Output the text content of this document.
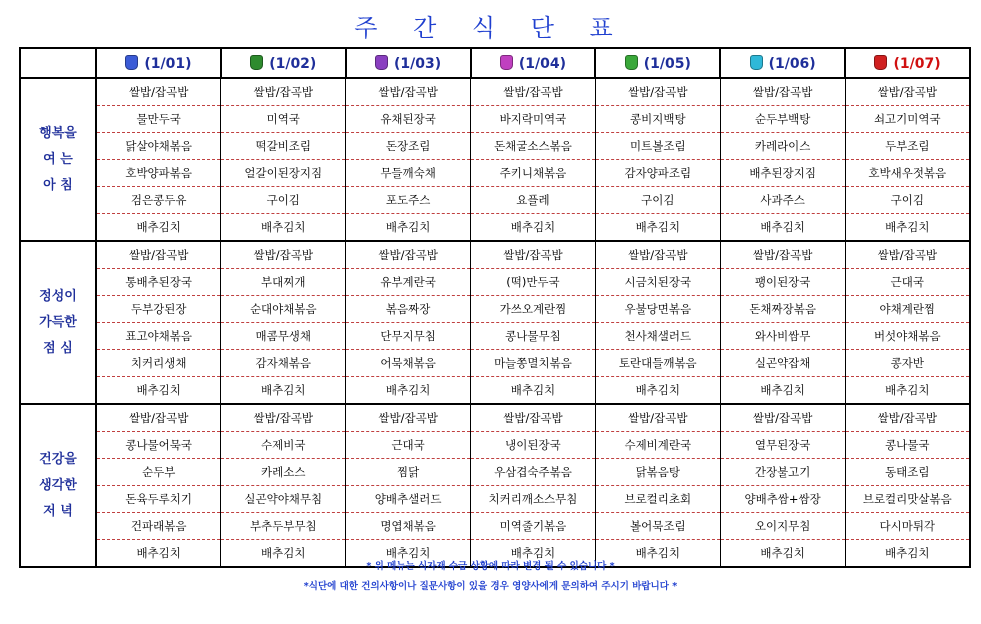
주 간 식 단 표
	(1/01)	(1/02)	(1/03)	(1/04)	(1/05)	(1/06)	(1/07)

행복을
여 는
아 침	쌀밥/잡곡밥	쌀밥/잡곡밥	쌀밥/잡곡밥	쌀밥/잡곡밥	쌀밥/잡곡밥	쌀밥/잡곡밥	쌀밥/잡곡밥
	물만두국	미역국	유채된장국	바지락미역국	콩비지백탕	순두부백탕	쇠고기미역국
	닭살야채볶음	떡갈비조림	돈장조림	돈채굴소스볶음	미트볼조림	카레라이스	두부조림
	호박양파볶음	얼갈이된장지짐	무들깨숙채	주키니채볶음	감자양파조림	배추된장지짐	호박새우젓볶음
	검은콩두유	구이김	포도주스	요플레	구이김	사과주스	구이김
	배추김치	배추김치	배추김치	배추김치	배추김치	배추김치	배추김치

정성이
가득한
점 심	쌀밥/잡곡밥	쌀밥/잡곡밥	쌀밥/잡곡밥	쌀밥/잡곡밥	쌀밥/잡곡밥	쌀밥/잡곡밥	쌀밥/잡곡밥
	통배추된장국	부대찌개	유부계란국	(떡)만두국	시금치된장국	팽이된장국	근대국
	두부강된장	순대야채볶음	볶음짜장	가쓰오계란찜	우불당면볶음	돈채짜장볶음	야채계란찜
	표고야채볶음	매콤무생채	단무지무침	콩나물무침	천사채샐러드	와사비쌈무	버섯야채볶음
	치커리생채	감자채볶음	어묵채볶음	마늘쫑멸치볶음	토란대들깨볶음	실곤약잡채	콩자반
	배추김치	배추김치	배추김치	배추김치	배추김치	배추김치	배추김치

건강을
생각한
저 녁	쌀밥/잡곡밥	쌀밥/잡곡밥	쌀밥/잡곡밥	쌀밥/잡곡밥	쌀밥/잡곡밥	쌀밥/잡곡밥	쌀밥/잡곡밥
	콩나물어묵국	수제비국	근대국	냉이된장국	수제비계란국	열무된장국	콩나물국
	순두부	카레소스	찜닭	우삼겹숙주볶음	닭볶음탕	간장불고기	동태조림
	돈육두루치기	실곤약야채무침	양배추샐러드	치커리깨소스무침	브로컬리초회	양배추쌈+쌈장	브로컬리맛살볶음
	건파래볶음	부추두부무침	명엽채볶음	미역줄기볶음	볼어묵조림	오이지무침	다시마튀각
	배추김치	배추김치	배추김치	배추김치	배추김치	배추김치	배추김치
* 위 메뉴는 식자재 수급 상황에 따라 변경 될 수 있습니다 *
*식단에 대한 건의사항이나 질문사항이 있을 경우 영양사에게 문의하여 주시기 바랍니다 *
